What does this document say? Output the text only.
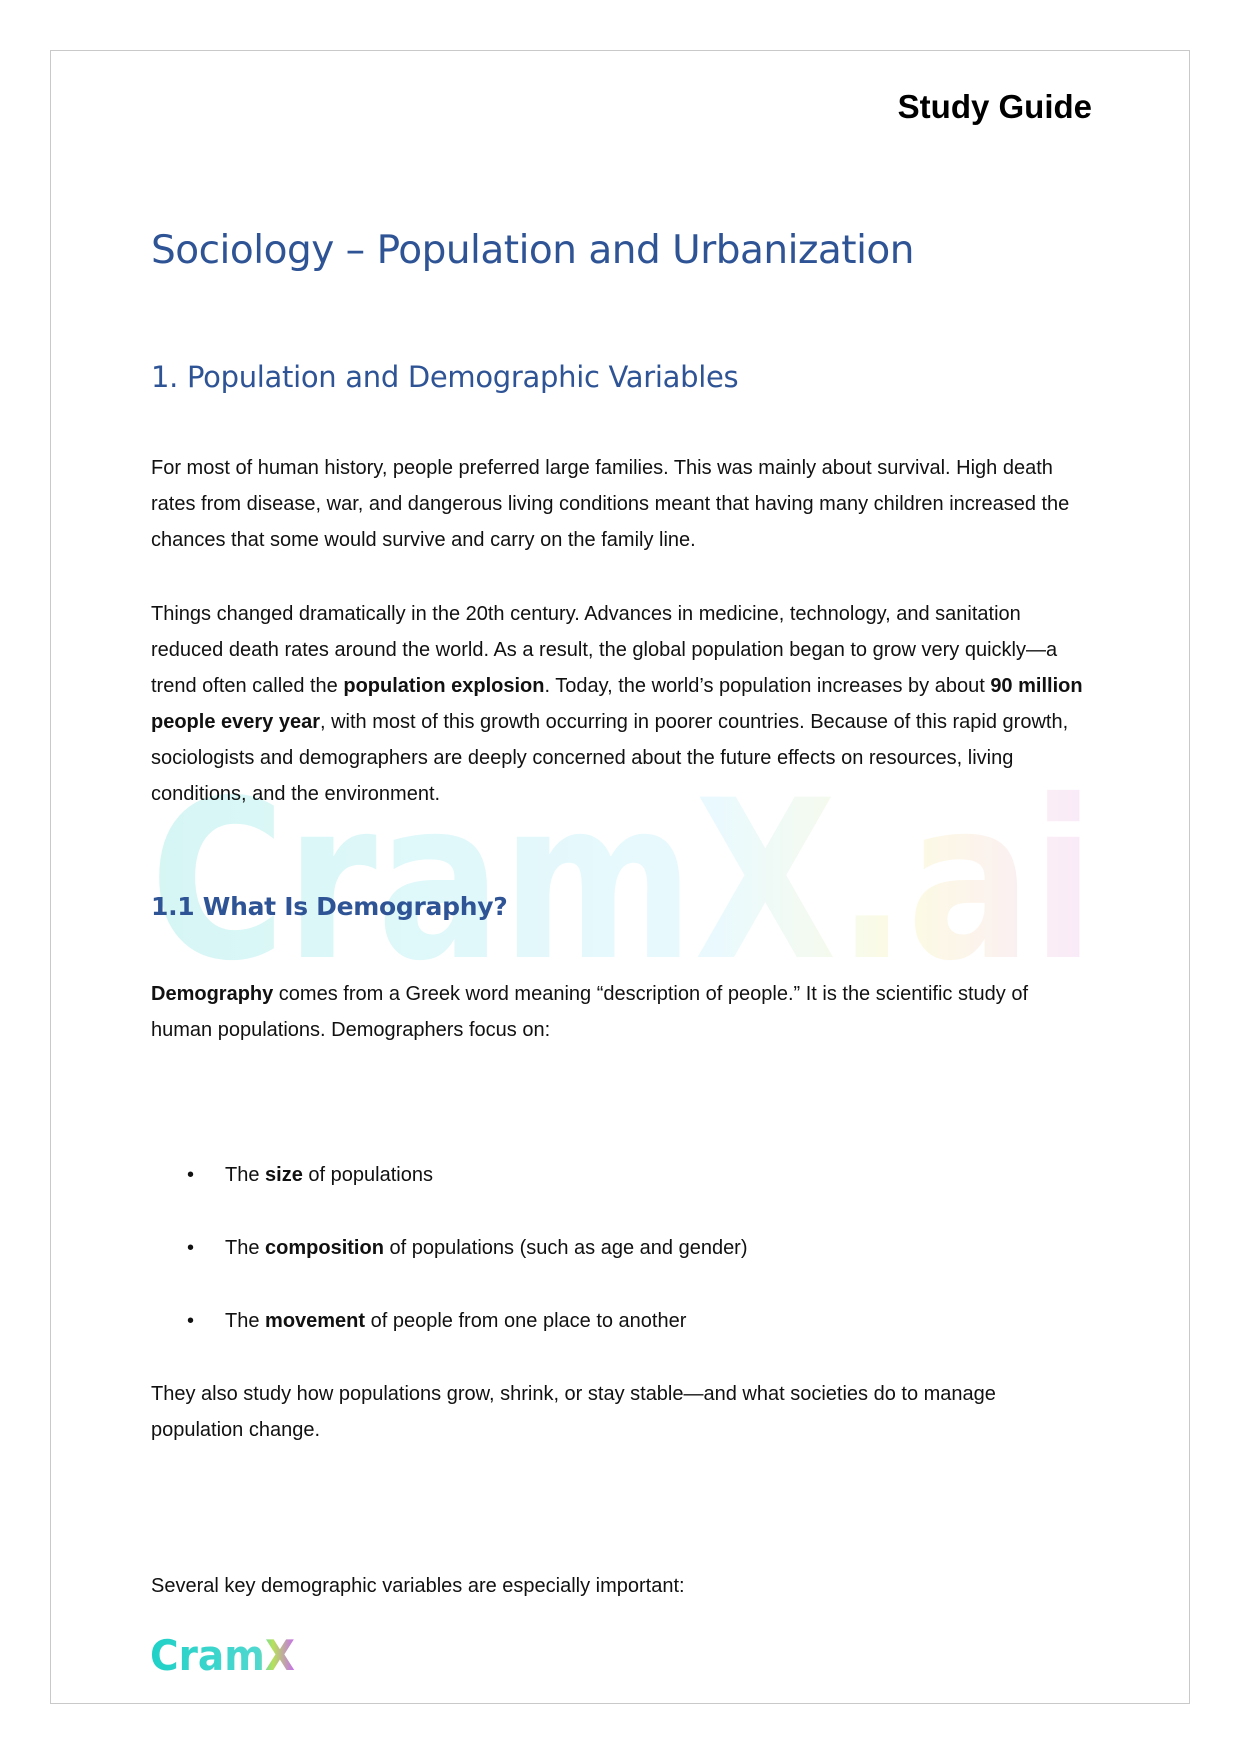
Study Guide
Sociology – Population and Urbanization
1. Population and Demographic Variables

For most of human history, people preferred large families. This was mainly about survival. High death rates from disease, war, and dangerous living conditions meant that having many children increased the chances that some would survive and carry on the family line.

Things changed dramatically in the 20th century. Advances in medicine, technology, and sanitation reduced death rates around the world. As a result, the global population began to grow very quickly—a trend often called the population explosion. Today, the world’s population increases by about 90 million people every year, with most of this growth occurring in poorer countries. Because of this rapid growth, sociologists and demographers are deeply concerned about the future effects on resources, living conditions, and the environment.

1.1 What Is Demography?

Demography comes from a Greek word meaning “description of people.” It is the scientific study of human populations. Demographers focus on:

• The size of populations
• The composition of populations (such as age and gender)
• The movement of people from one place to another

They also study how populations grow, shrink, or stay stable—and what societies do to manage population change.

Several key demographic variables are especially important:

CramX
